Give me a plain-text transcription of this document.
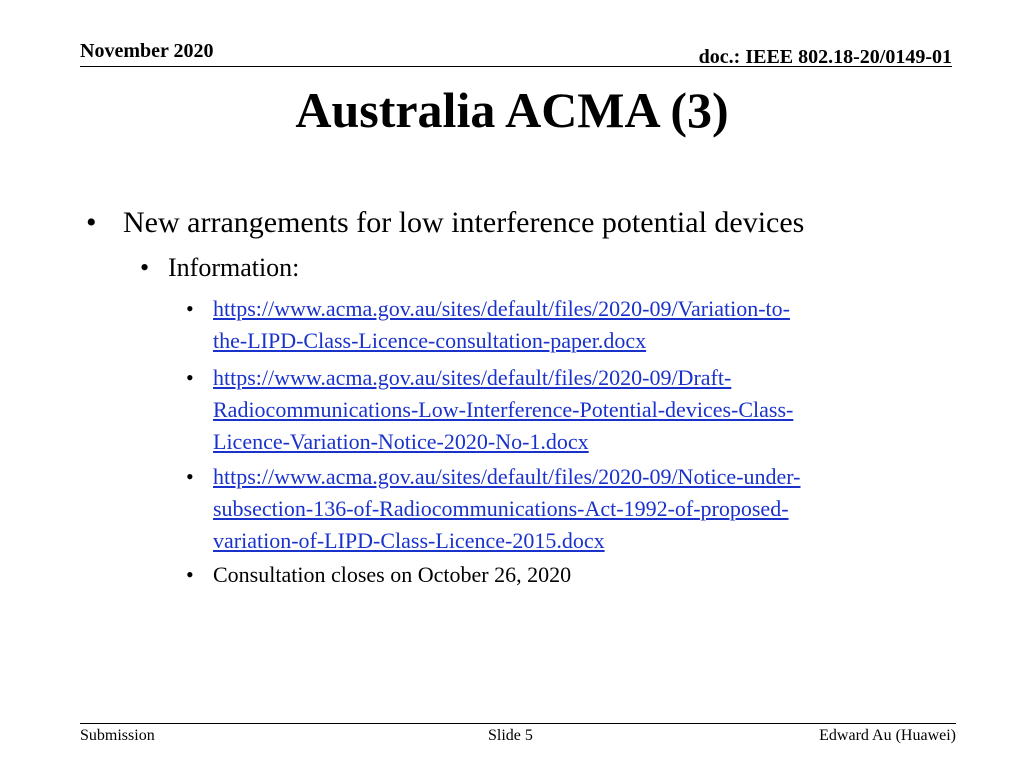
November 2020	doc.: IEEE 802.18-20/0149-01
Australia ACMA (3)
• New arrangements for low interference potential devices
• Information:
• https://www.acma.gov.au/sites/default/files/2020-09/Variation-to-
the-LIPD-Class-Licence-consultation-paper.docx
• https://www.acma.gov.au/sites/default/files/2020-09/Draft-
Radiocommunications-Low-Interference-Potential-devices-Class-
Licence-Variation-Notice-2020-No-1.docx
• https://www.acma.gov.au/sites/default/files/2020-09/Notice-under-
subsection-136-of-Radiocommunications-Act-1992-of-proposed-
variation-of-LIPD-Class-Licence-2015.docx
• Consultation closes on October 26, 2020
Submission	Slide 5	Edward Au (Huawei)
